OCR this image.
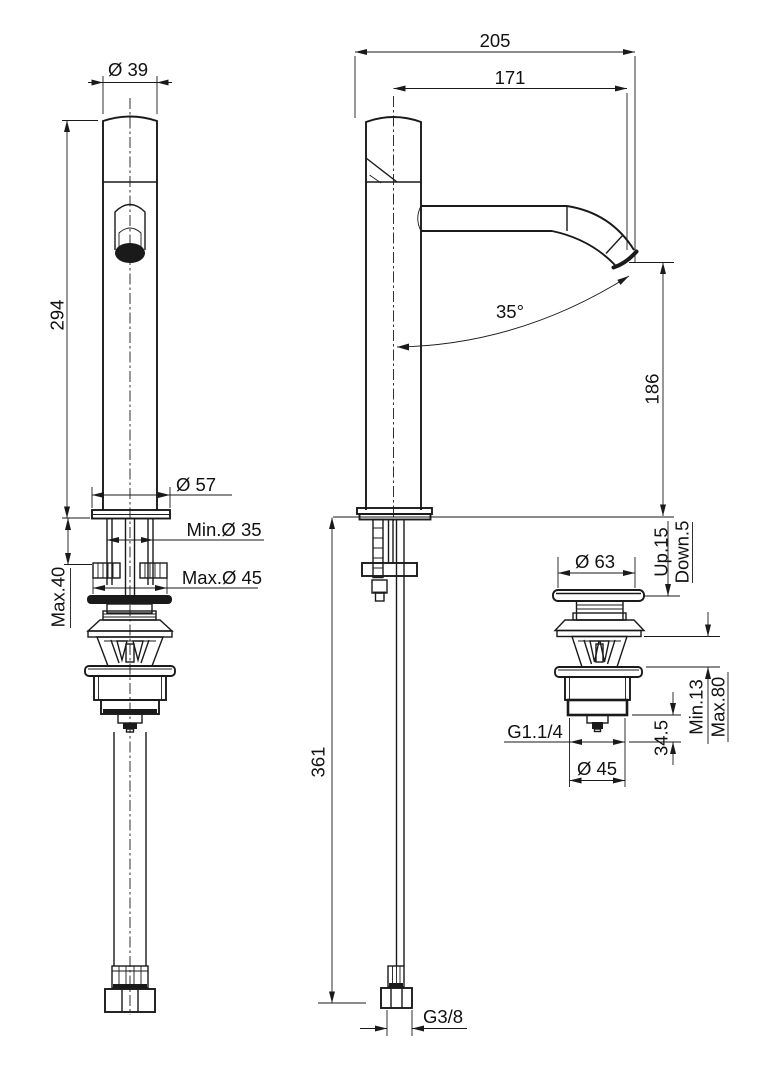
Ø 39
294
Max.40
Ø 57
Min.Ø 35
Max.Ø 45
205
171
35°
186
361
G3/8
Ø 63 Up.15 Down.5
Min.13 Max.80
34.5
G1.1/4
Ø 45
